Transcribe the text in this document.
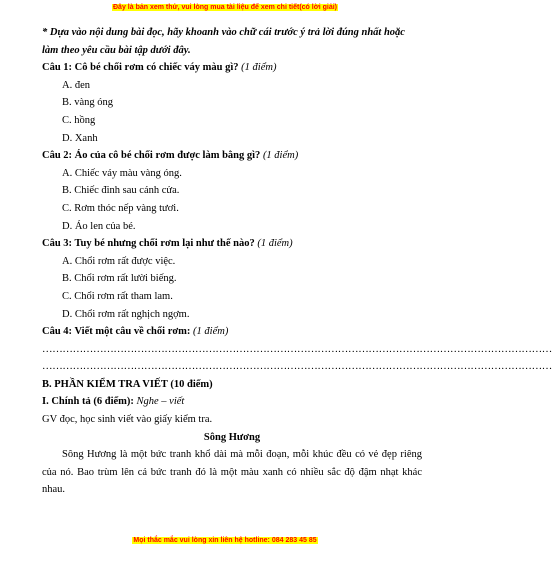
Đây là bản xem thử, vui lòng mua tài liệu để xem chi tiết(có lời giải)

* Dựa vào nội dung bài đọc, hãy khoanh vào chữ cái trước ý trả lời đúng nhất hoặc làm theo yêu cầu bài tập dưới đây.

Câu 1: Cô bé chổi rơm có chiếc váy màu gì? (1 điểm)

A. đen

B. vàng óng

C. hồng

D. Xanh

Câu 2: Áo của cô bé chổi rơm được làm bằng gì? (1 điểm)

A. Chiếc váy màu vàng óng.

B. Chiếc đinh sau cánh cửa.

C. Rơm thóc nếp vàng tươi.

D. Áo len của bé.

Câu 3: Tuy bé nhưng chổi rơm lại như thế nào? (1 điểm)

A. Chổi rơm rất được việc.

B. Chổi rơm rất lười biếng.

C. Chổi rơm rất tham lam.

D. Chổi rơm rất nghịch ngợm.

Câu 4: Viết một câu về chổi rơm: (1 điểm)

……………………………………………………………………………………………………………………………………

……………………………………………………………………………………………………………………………………

B. PHẦN KIỂM TRA VIẾT (10 điểm)

I. Chính tả (6 điểm): Nghe – viết

GV đọc, học sinh viết vào giấy kiểm tra.

Sông Hương

Sông Hương là một bức tranh khổ dài mà mỗi đoạn, mỗi khúc đều có vẻ đẹp riêng của nó. Bao trùm lên cả bức tranh đó là một màu xanh có nhiều sắc độ đậm nhạt khác nhau.

Mọi thắc mắc vui lòng xin liên hệ hotline: 084 283 45 85
